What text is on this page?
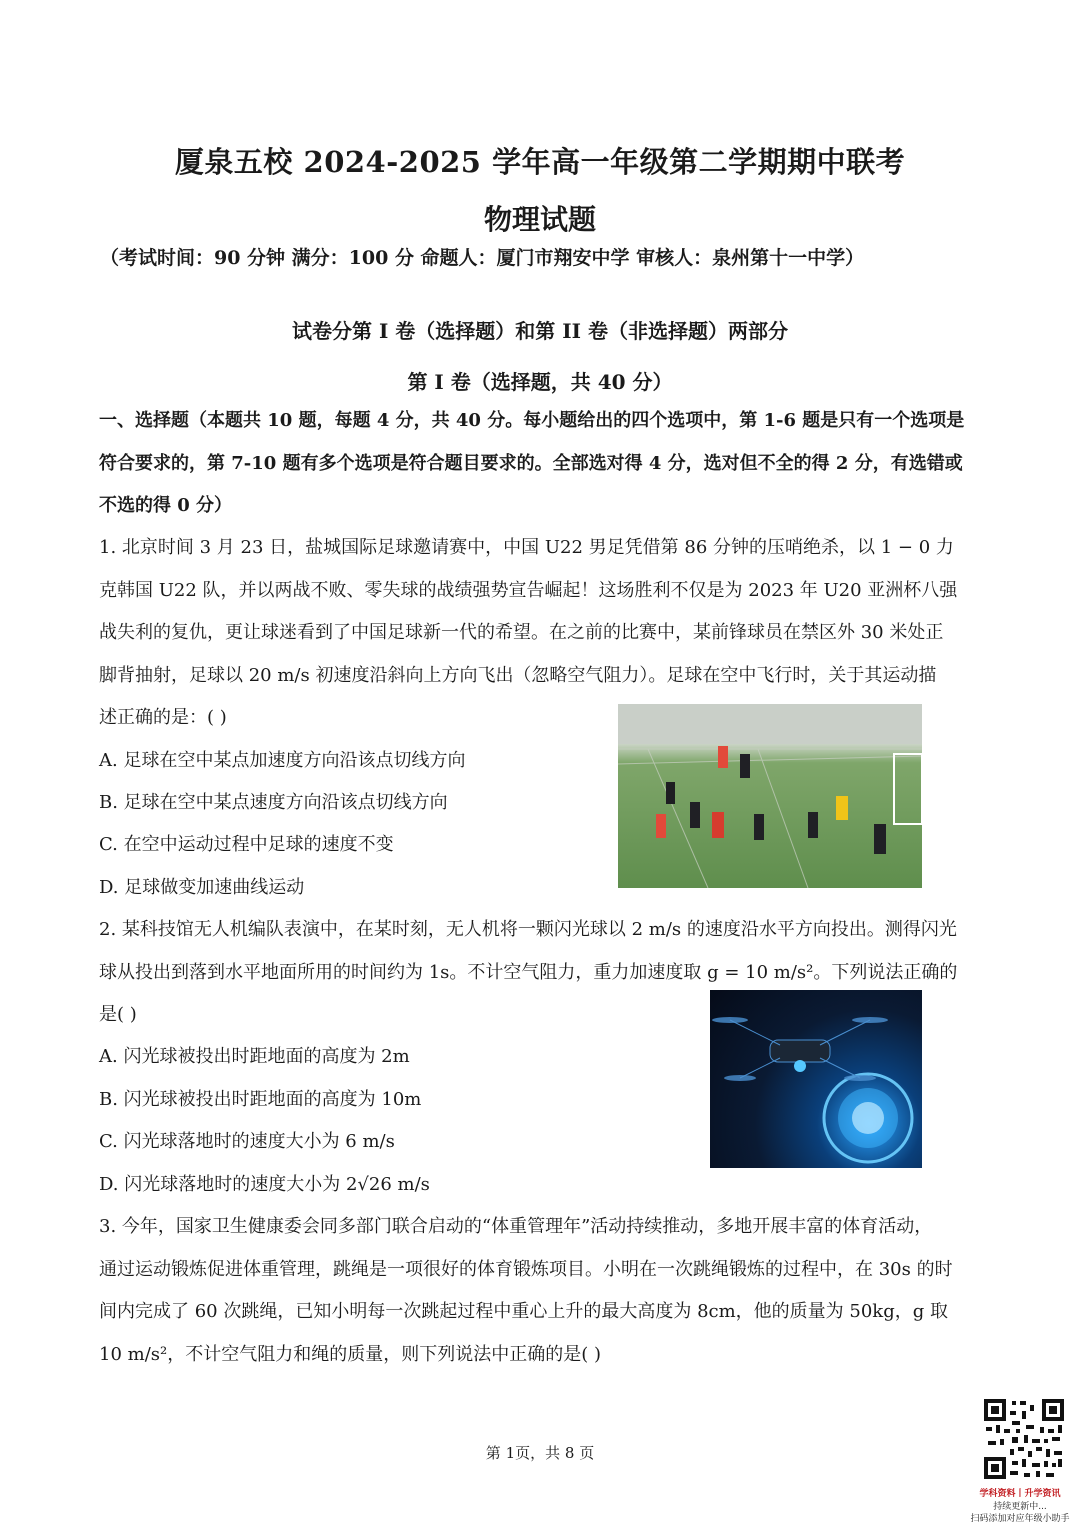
厦泉五校 2024-2025 学年高一年级第二学期期中联考
物理试题
（考试时间：90 分钟 满分：100 分 命题人：厦门市翔安中学 审核人：泉州第十一中学）
试卷分第 I 卷（选择题）和第 II 卷（非选择题）两部分
第 I 卷（选择题，共 40 分）
一、选择题（本题共 10 题，每题 4 分，共 40 分。每小题给出的四个选项中，第 1-6 题是只有一个选项是
符合要求的，第 7-10 题有多个选项是符合题目要求的。全部选对得 4 分，选对但不全的得 2 分，有选错或
不选的得 0 分）
1. 北京时间 3 月 23 日，盐城国际足球邀请赛中，中国 U22 男足凭借第 86 分钟的压哨绝杀，以 1 − 0 力
克韩国 U22 队，并以两战不败、零失球的战绩强势宣告崛起！这场胜利不仅是为 2023 年 U20 亚洲杯八强
战失利的复仇，更让球迷看到了中国足球新一代的希望。在之前的比赛中，某前锋球员在禁区外 30 米处正
脚背抽射，足球以 20 m/s 初速度沿斜向上方向飞出（忽略空气阻力）。足球在空中飞行时，关于其运动描
述正确的是：( )
A. 足球在空中某点加速度方向沿该点切线方向
B. 足球在空中某点速度方向沿该点切线方向
C. 在空中运动过程中足球的速度不变
D. 足球做变加速曲线运动
2. 某科技馆无人机编队表演中，在某时刻，无人机将一颗闪光球以 2 m/s 的速度沿水平方向投出。测得闪光
球从投出到落到水平地面所用的时间约为 1s。不计空气阻力，重力加速度取 g = 10 m/s²。下列说法正确的
是( )
A. 闪光球被投出时距地面的高度为 2m
B. 闪光球被投出时距地面的高度为 10m
C. 闪光球落地时的速度大小为 6 m/s
D. 闪光球落地时的速度大小为 2√26 m/s
3. 今年，国家卫生健康委会同多部门联合启动的“体重管理年”活动持续推动，多地开展丰富的体育活动，
通过运动锻炼促进体重管理，跳绳是一项很好的体育锻炼项目。小明在一次跳绳锻炼的过程中，在 30s 的时
间内完成了 60 次跳绳，已知小明每一次跳起过程中重心上升的最大高度为 8cm，他的质量为 50kg，g 取
10 m/s²，不计空气阻力和绳的质量，则下列说法中正确的是( )
第 1页，共 8 页
学科资料丨升学资讯
持续更新中...
扫码添加对应年级小助手
